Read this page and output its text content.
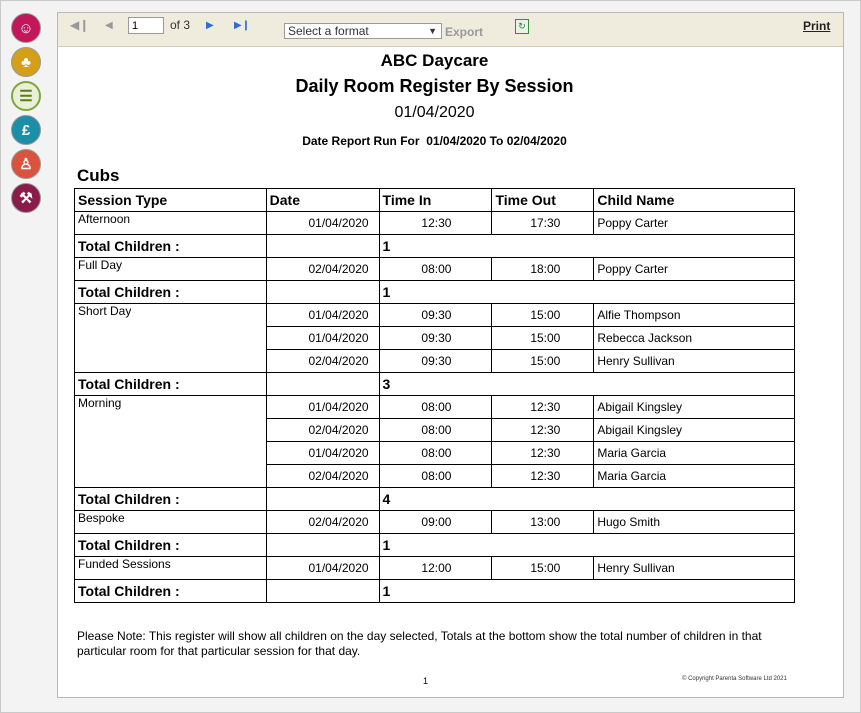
☺
♣
☰
£
♙
⚒
◀❙ ◀
1	of 3 ▶ ▶❙	Select a format	▼ Export	↻	Print
ABC Daycare
Daily Room Register By Session
01/04/2020
Date Report Run For 01/04/2020 To 02/04/2020
Cubs
Session Type	Date	Time In	Time Out	Child Name
Afternoon	01/04/2020	12:30	17:30	Poppy Carter
Total Children :		1		
Full Day	02/04/2020	08:00	18:00	Poppy Carter
Total Children :		1		
Short Day	01/04/2020	09:30	15:00	Alfie Thompson
	01/04/2020	09:30	15:00	Rebecca Jackson
	02/04/2020	09:30	15:00	Henry Sullivan
Total Children :		3		
Morning	01/04/2020	08:00	12:30	Abigail Kingsley
	02/04/2020	08:00	12:30	Abigail Kingsley
	01/04/2020	08:00	12:30	Maria Garcia
	02/04/2020	08:00	12:30	Maria Garcia
Total Children :		4		
Bespoke	02/04/2020	09:00	13:00	Hugo Smith
Total Children :		1		
Funded Sessions	01/04/2020	12:00	15:00	Henry Sullivan
Total Children :		1		
Please Note: This register will show all children on the day selected, Totals at the bottom show the total number of children in that particular room for that particular session for that day.
1	© Copyright Parenta Software Ltd 2021
